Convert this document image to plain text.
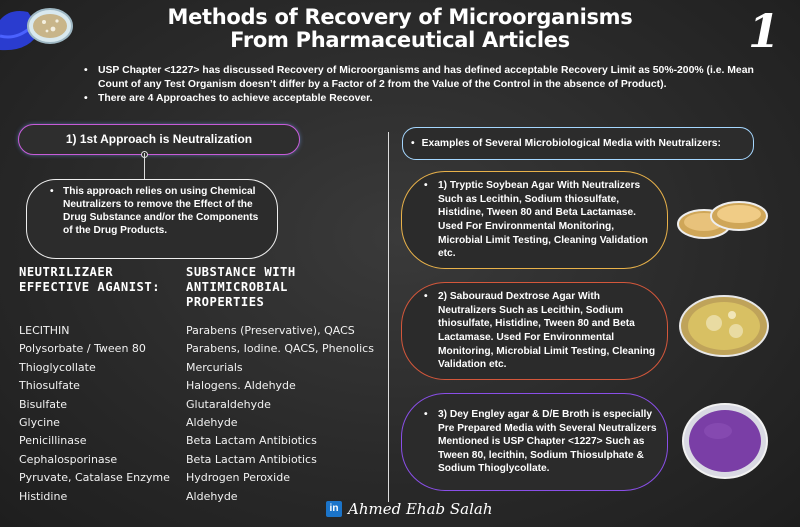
Methods of Recovery of Microorganisms
From Pharmaceutical Articles	1
• USP Chapter <1227> has discussed Recovery of Microorganisms and has defined acceptable Recovery Limit as 50%-200% (i.e. Mean Count of any Test Organism doesn’t differ by a Factor of 2 from the Value of the Control in the absence of Product).
• There are 4 Approaches to achieve acceptable Recover.
1) 1st Approach is Neutralization

• This approach relies on using Chemical Neutralizers to remove the Effect of the Drug Substance and/or the Components of the Drug Products.

NEUTRILIZAER
EFFECTIVE AGANIST:
SUBSTANCE WITH
ANTIMICROBIAL
PROPERTIES
LECITHIN
Polysorbate / Tween 80
Thioglycollate
Thiosulfate
Bisulfate
Glycine
Penicillinase
Cephalosporinase
Pyruvate, Catalase Enzyme
Histidine
Parabens (Preservative), QACS
Parabens, Iodine. QACS, Phenolics
Mercurials
Halogens. Aldehyde
Glutaraldehyde
Aldehyde
Beta Lactam Antibiotics
Beta Lactam Antibiotics
Hydrogen Peroxide
Aldehyde
• Examples of Several Microbiological Media with Neutralizers:

• 1) Tryptic Soybean Agar With Neutralizers Such as Lecithin, Sodium thiosulfate, Histidine, Tween 80 and Beta Lactamase. Used For Environmental Monitoring, Microbial Limit Testing, Cleaning Validation etc.

• 2) Sabouraud Dextrose Agar With Neutralizers Such as Lecithin, Sodium thiosulfate, Histidine, Tween 80 and Beta Lactamase. Used For Environmental Monitoring, Microbial Limit Testing, Cleaning Validation etc.

• 3) Dey Engley agar & D/E Broth is especially Pre Prepared Media with Several Neutralizers Mentioned is USP Chapter <1227> Such as Tween 80, lecithin, Sodium Thiosulphate & Sodium Thioglycollate.

in Ahmed Ehab Salah
